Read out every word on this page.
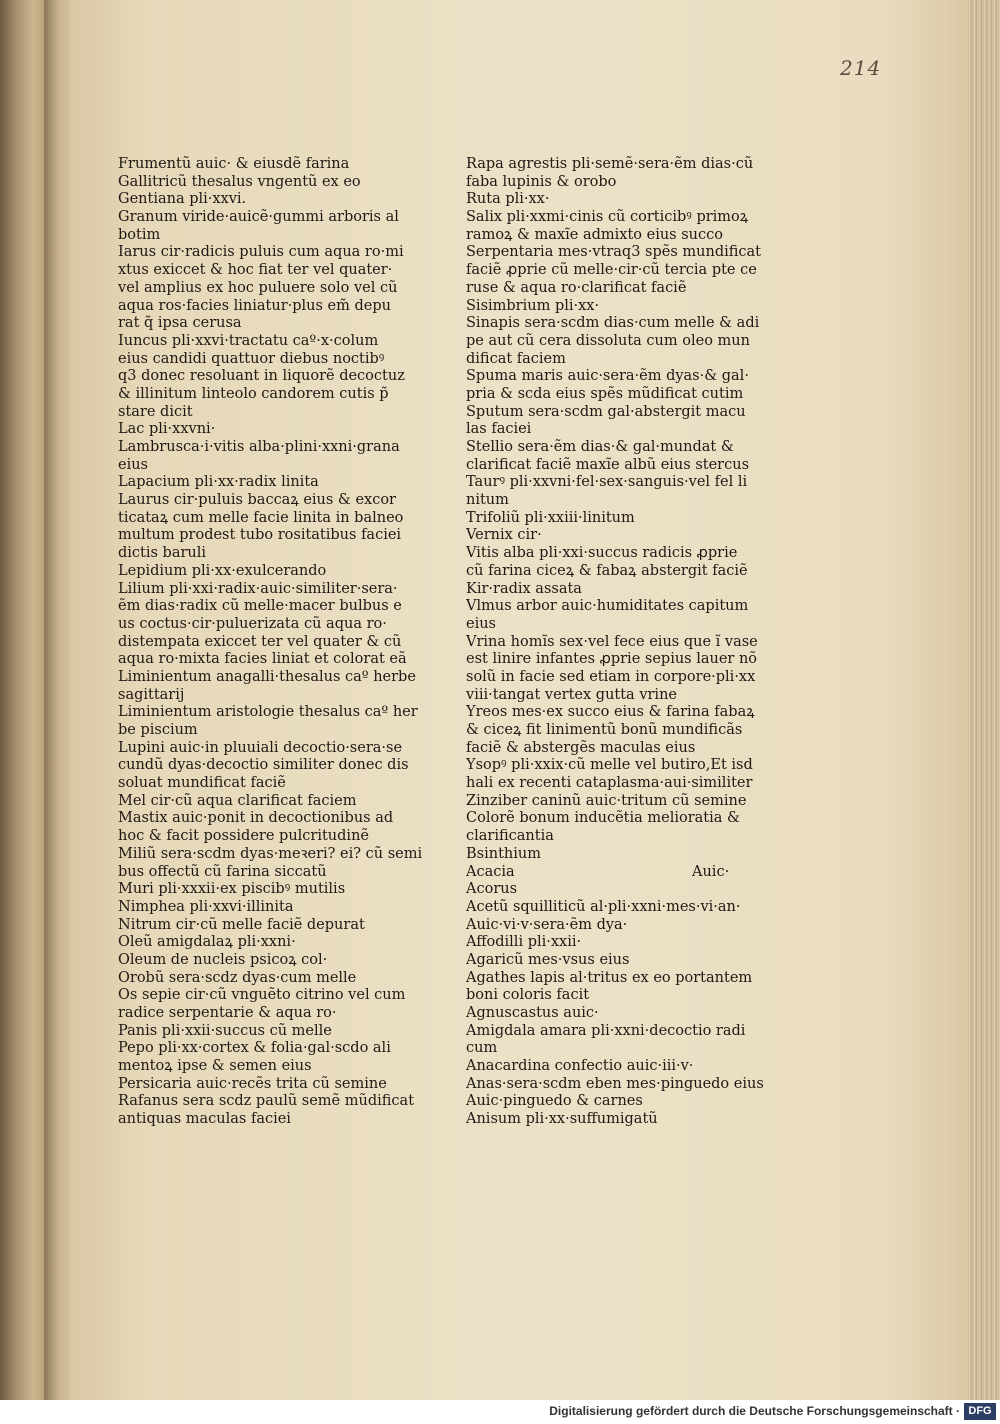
214
Frumentũ auic· & eiusdẽ farina
Gallitricũ thesalus vngentũ ex eo
Gentiana pli·xxvi.
Granum viride·auicẽ·gummi arboris al
botim
Iarus cir·radicis puluis cum aqua ro·mi
xtus exiccet & hoc fiat ter vel quater·
vel amplius ex hoc puluere solo vel cũ
aqua ros·facies liniatur·plus em̃ depu
rat q̃ ipsa cerusa
Iuncus pli·xxvi·tractatu caº·x·colum
eius candidi quattuor diebus noctibꝰ
q3 donec resoluant in liquorẽ decoctuz
& illinitum linteolo candorem cutis p̃
stare dicit
Lac pli·xxvni·
Lambrusca·i·vitis alba·plini·xxni·grana
eius
Lapacium pli·xx·radix linita
Laurus cir·puluis baccaꝝ eius & excor
ticataꝝ cum melle facie linita in balneo
multum prodest tubo rositatibus faciei
dictis baruli
Lepidium pli·xx·exulcerando
Lilium pli·xxi·radix·auic·similiter·sera·
ẽm dias·radix cũ melle·macer bulbus e
us coctus·cir·puluerizata cũ aqua ro·
distempata exiccet ter vel quater & cũ
aqua ro·mixta facies liniat et colorat eã
Liminientum anagalli·thesalus caº herbe
sagittarij
Liminientum aristologie thesalus caº her
be piscium
Lupini auic·in pluuiali decoctio·sera·se
cundũ dyas·decoctio similiter donec dis
soluat mundificat faciẽ
Mel cir·cũ aqua clarificat faciem
Mastix auic·ponit in decoctionibus ad
hoc & facit possidere pulcritudinẽ
Miliũ sera·scdm dyas·meꝛeri? ei? cũ semi
bus offectũ cũ farina siccatũ
Muri pli·xxxii·ex piscibꝰ mutilis
Nimphea pli·xxvi·illinita
Nitrum cir·cũ melle faciẽ depurat
Oleũ amigdalaꝝ pli·xxni·
Oleum de nucleis psicoꝝ col·
Orobũ sera·scdz dyas·cum melle
Os sepie cir·cũ vnguẽto citrino vel cum
radice serpentarie & aqua ro·
Panis pli·xxii·succus cũ melle
Pepo pli·xx·cortex & folia·gal·scdo ali
mentoꝝ ipse & semen eius
Persicaria auic·recẽs trita cũ semine
Rafanus sera scdz paulũ semẽ mũdificat
antiquas maculas faciei
Rapa agrestis pli·semẽ·sera·ẽm dias·cũ
faba lupinis & orobo
Ruta pli·xx·
Salix pli·xxmi·cinis cũ corticibꝰ primoꝝ
ramoꝝ & maxĩe admixto eius succo
Serpentaria mes·vtraq3 spẽs mundificat
faciẽ ꝓprie cũ melle·cir·cũ tercia pte ce
ruse & aqua ro·clarificat faciẽ
Sisimbrium pli·xx·
Sinapis sera·scdm dias·cum melle & adi
pe aut cũ cera dissoluta cum oleo mun
dificat faciem
Spuma maris auic·sera·ẽm dyas·& gal·
pria & scda eius spẽs mũdificat cutim
Sputum sera·scdm gal·abstergit macu
las faciei
Stellio sera·ẽm dias·& gal·mundat &
clarificat faciẽ maxĩe albũ eius stercus
Taurꝰ pli·xxvni·fel·sex·sanguis·vel fel li
nitum
Trifoliũ pli·xxiii·linitum
Vernix cir·
Vitis alba pli·xxi·succus radicis ꝓprie
cũ farina ciceꝝ & fabaꝝ abstergit faciẽ
Kir·radix assata
Vlmus arbor auic·humiditates capitum
eius
Vrina homĩs sex·vel fece eius que ĩ vase
est linire infantes ꝓprie sepius lauer nõ
solũ in facie sed etiam in corpore·pli·xx
viii·tangat vertex gutta vrine
Yreos mes·ex succo eius & farina fabaꝝ
& ciceꝝ fit linimentũ bonũ mundificãs
faciẽ & abstergẽs maculas eius
Ysopꝰ pli·xxix·cũ melle vel butiro,Et isd
hali ex recenti cataplasma·aui·similiter
Zinziber caninũ auic·tritum cũ semine
Colorẽ bonum inducẽtia melioratia &
clarificantia
Bsinthium
Acacia
Acorus
Acetũ squilliticũ al·pli·xxni·mes·vi·an·
Auic·vi·v·sera·ẽm dya·
Affodilli pli·xxii·
Agaricũ mes·vsus eius
Agathes lapis al·tritus ex eo portantem
boni coloris facit
Agnuscastus auic·
Amigdala amara pli·xxni·decoctio radi
cum
Anacardina confectio auic·iii·v·
Anas·sera·scdm eben mes·pinguedo eius
Auic·pinguedo & carnes
Anisum pli·xx·suffumigatũ
Auic·
Digitalisierung gefördert durch die Deutsche Forschungsgemeinschaft · DFG
